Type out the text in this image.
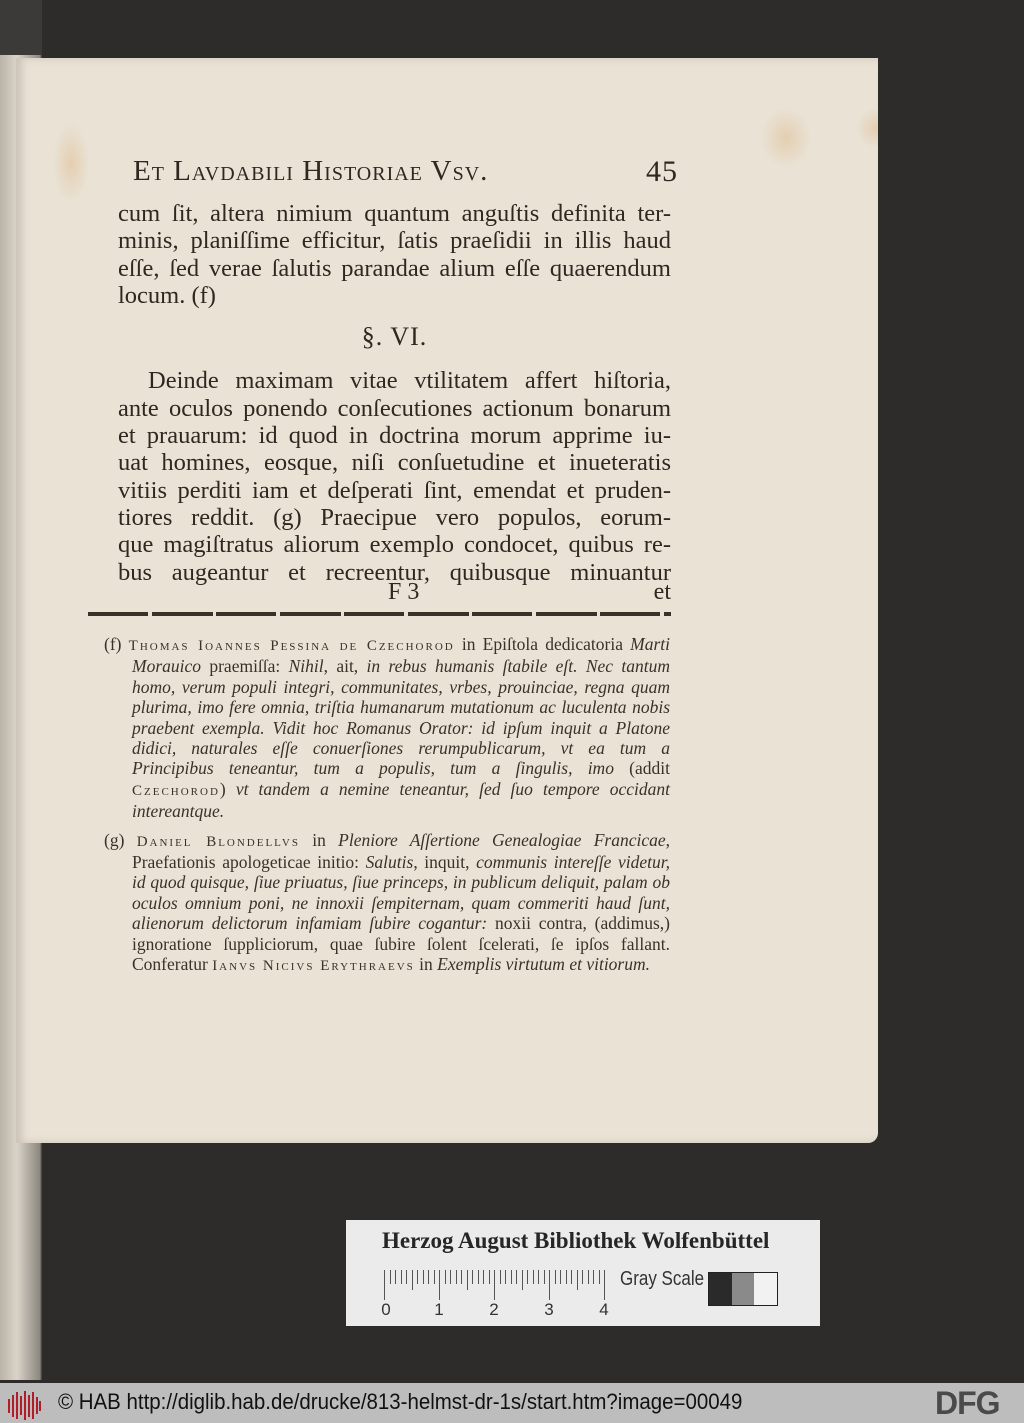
Et Lavdabili Historiae Vsv.	45
cum ſit, altera nimium quantum anguſtis definita ter-
minis, planiſſime efficitur, ſatis praeſidii in illis haud
eſſe, ſed verae ſalutis parandae alium eſſe quaerendum
locum. (f)
§. VI.
Deinde maximam vitae vtilitatem affert hiſtoria,
ante oculos ponendo conſecutiones actionum bonarum
et prauarum: id quod in doctrina morum apprime iu-
uat homines, eosque, niſi conſuetudine et inueteratis
vitiis perditi iam et deſperati ſint, emendat et pruden-
tiores reddit. (g) Praecipue vero populos, eorum-
que magiſtratus aliorum exemplo condocet, quibus re-
bus augeantur et recreentur, quibusque minuantur
F 3	et

(f) Thomas Ioannes Pessina de Czechorod in Epiſtola dedicatoria Marti Morauico praemiſſa: Nihil, ait, in rebus humanis ſtabile eſt. Nec tantum homo, verum populi integri, communitates, vrbes, prouinciae, regna quam plurima, imo fere omnia, triſtia humanarum mutationum ac luculenta nobis praebent exempla. Vidit hoc Romanus Orator: id ipſum inquit a Platone didici, naturales eſſe conuerſiones rerumpublicarum, vt ea tum a Principibus teneantur, tum a populis, tum a ſingulis, imo (addit Czechorod) vt tandem a nemine teneantur, ſed ſuo tempore occidant intereantque.

(g) Daniel Blondellvs in Pleniore Aſſertione Genealogiae Francicae, Praefationis apologeticae initio: Salutis, inquit, communis intereſſe videtur, id quod quisque, ſiue priuatus, ſiue princeps, in publicum deliquit, palam ob oculos omnium poni, ne innoxii ſempiternam, quam commeriti haud ſunt, alienorum delictorum infamiam ſubire cogantur: noxii contra, (addimus,) ignoratione ſuppliciorum, quae ſubire ſolent ſcelerati, ſe ipſos fallant. Conferatur Ianvs Nicivs Erythraevs in Exemplis virtutum et vitiorum.

Herzog August Bibliothek Wolfenbüttel
0	1	2	3	4
Gray Scale
© HAB http://diglib.hab.de/drucke/813-helmst-dr-1s/start.htm?image=00049	DFG
